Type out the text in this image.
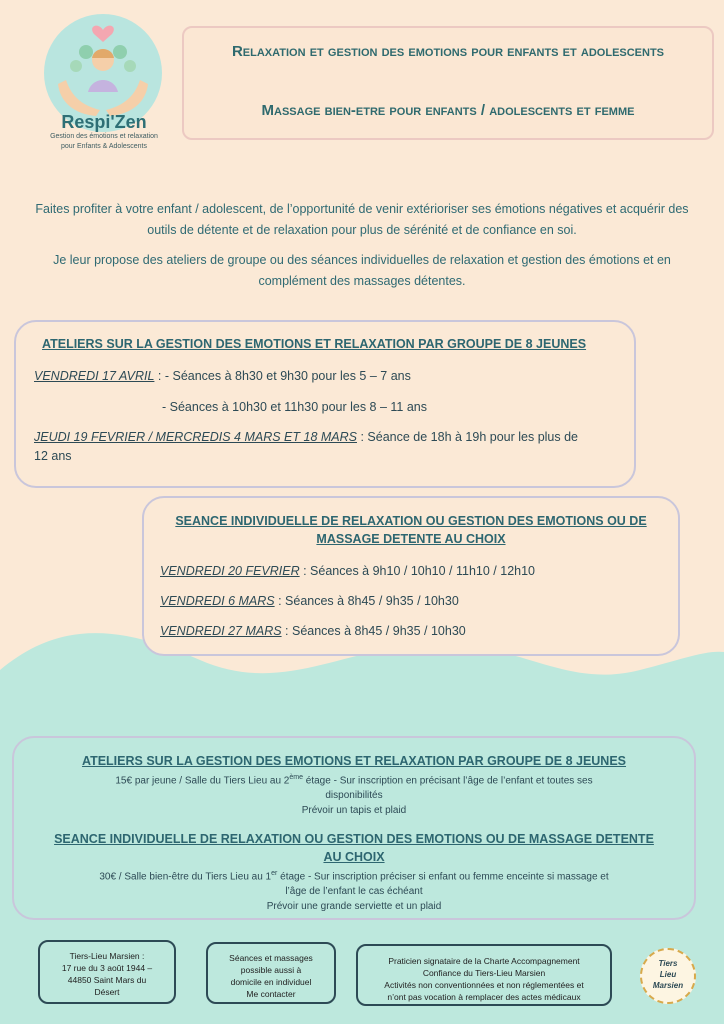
Respi'Zen
Gestion des émotions et relaxation
pour Enfants & Adolescents
Relaxation et gestion des emotions pour enfants et adolescents
Massage bien-etre pour enfants / adolescents et femme
Faites profiter à votre enfant / adolescent, de l’opportunité de venir extérioriser ses émotions négatives et acquérir des outils de détente et de relaxation pour plus de sérénité et de confiance en soi.
Je leur propose des ateliers de groupe ou des séances individuelles de relaxation et gestion des émotions et en complément des massages détentes.
ATELIERS SUR LA GESTION DES EMOTIONS ET RELAXATION PAR GROUPE DE 8 JEUNES
VENDREDI 17 AVRIL : - Séances à 8h30 et 9h30 pour les 5 – 7 ans
- Séances à 10h30 et 11h30 pour les 8 – 11 ans
JEUDI 19 FEVRIER / MERCREDIS 4 MARS ET 18 MARS : Séance de 18h à 19h pour les plus de
12 ans
SEANCE INDIVIDUELLE DE RELAXATION OU GESTION DES EMOTIONS OU DE
MASSAGE DETENTE AU CHOIX
VENDREDI 20 FEVRIER : Séances à 9h10 / 10h10 / 11h10 / 12h10
VENDREDI 6 MARS : Séances à 8h45 / 9h35 / 10h30
VENDREDI 27 MARS : Séances à 8h45 / 9h35 / 10h30
ATELIERS SUR LA GESTION DES EMOTIONS ET RELAXATION PAR GROUPE DE 8 JEUNES
15€ par jeune / Salle du Tiers Lieu au 2ème étage - Sur inscription en précisant l’âge de l’enfant et toutes ses
disponibilités
Prévoir un tapis et plaid
SEANCE INDIVIDUELLE DE RELAXATION OU GESTION DES EMOTIONS OU DE MASSAGE DETENTE
AU CHOIX
30€ / Salle bien-être du Tiers Lieu au 1er étage - Sur inscription préciser si enfant ou femme enceinte si massage et
l’âge de l’enfant le cas échéant
Prévoir une grande serviette et un plaid
Tiers-Lieu Marsien :
17 rue du 3 août 1944 –
44850 Saint Mars du
Désert
Séances et massages
possible aussi à
domicile en individuel
Me contacter
Praticien signataire de la Charte Accompagnement
Confiance du Tiers-Lieu Marsien
Activités non conventionnées et non réglementées et
n’ont pas vocation à remplacer des actes médicaux
Tiers
Lieu
Marsien
